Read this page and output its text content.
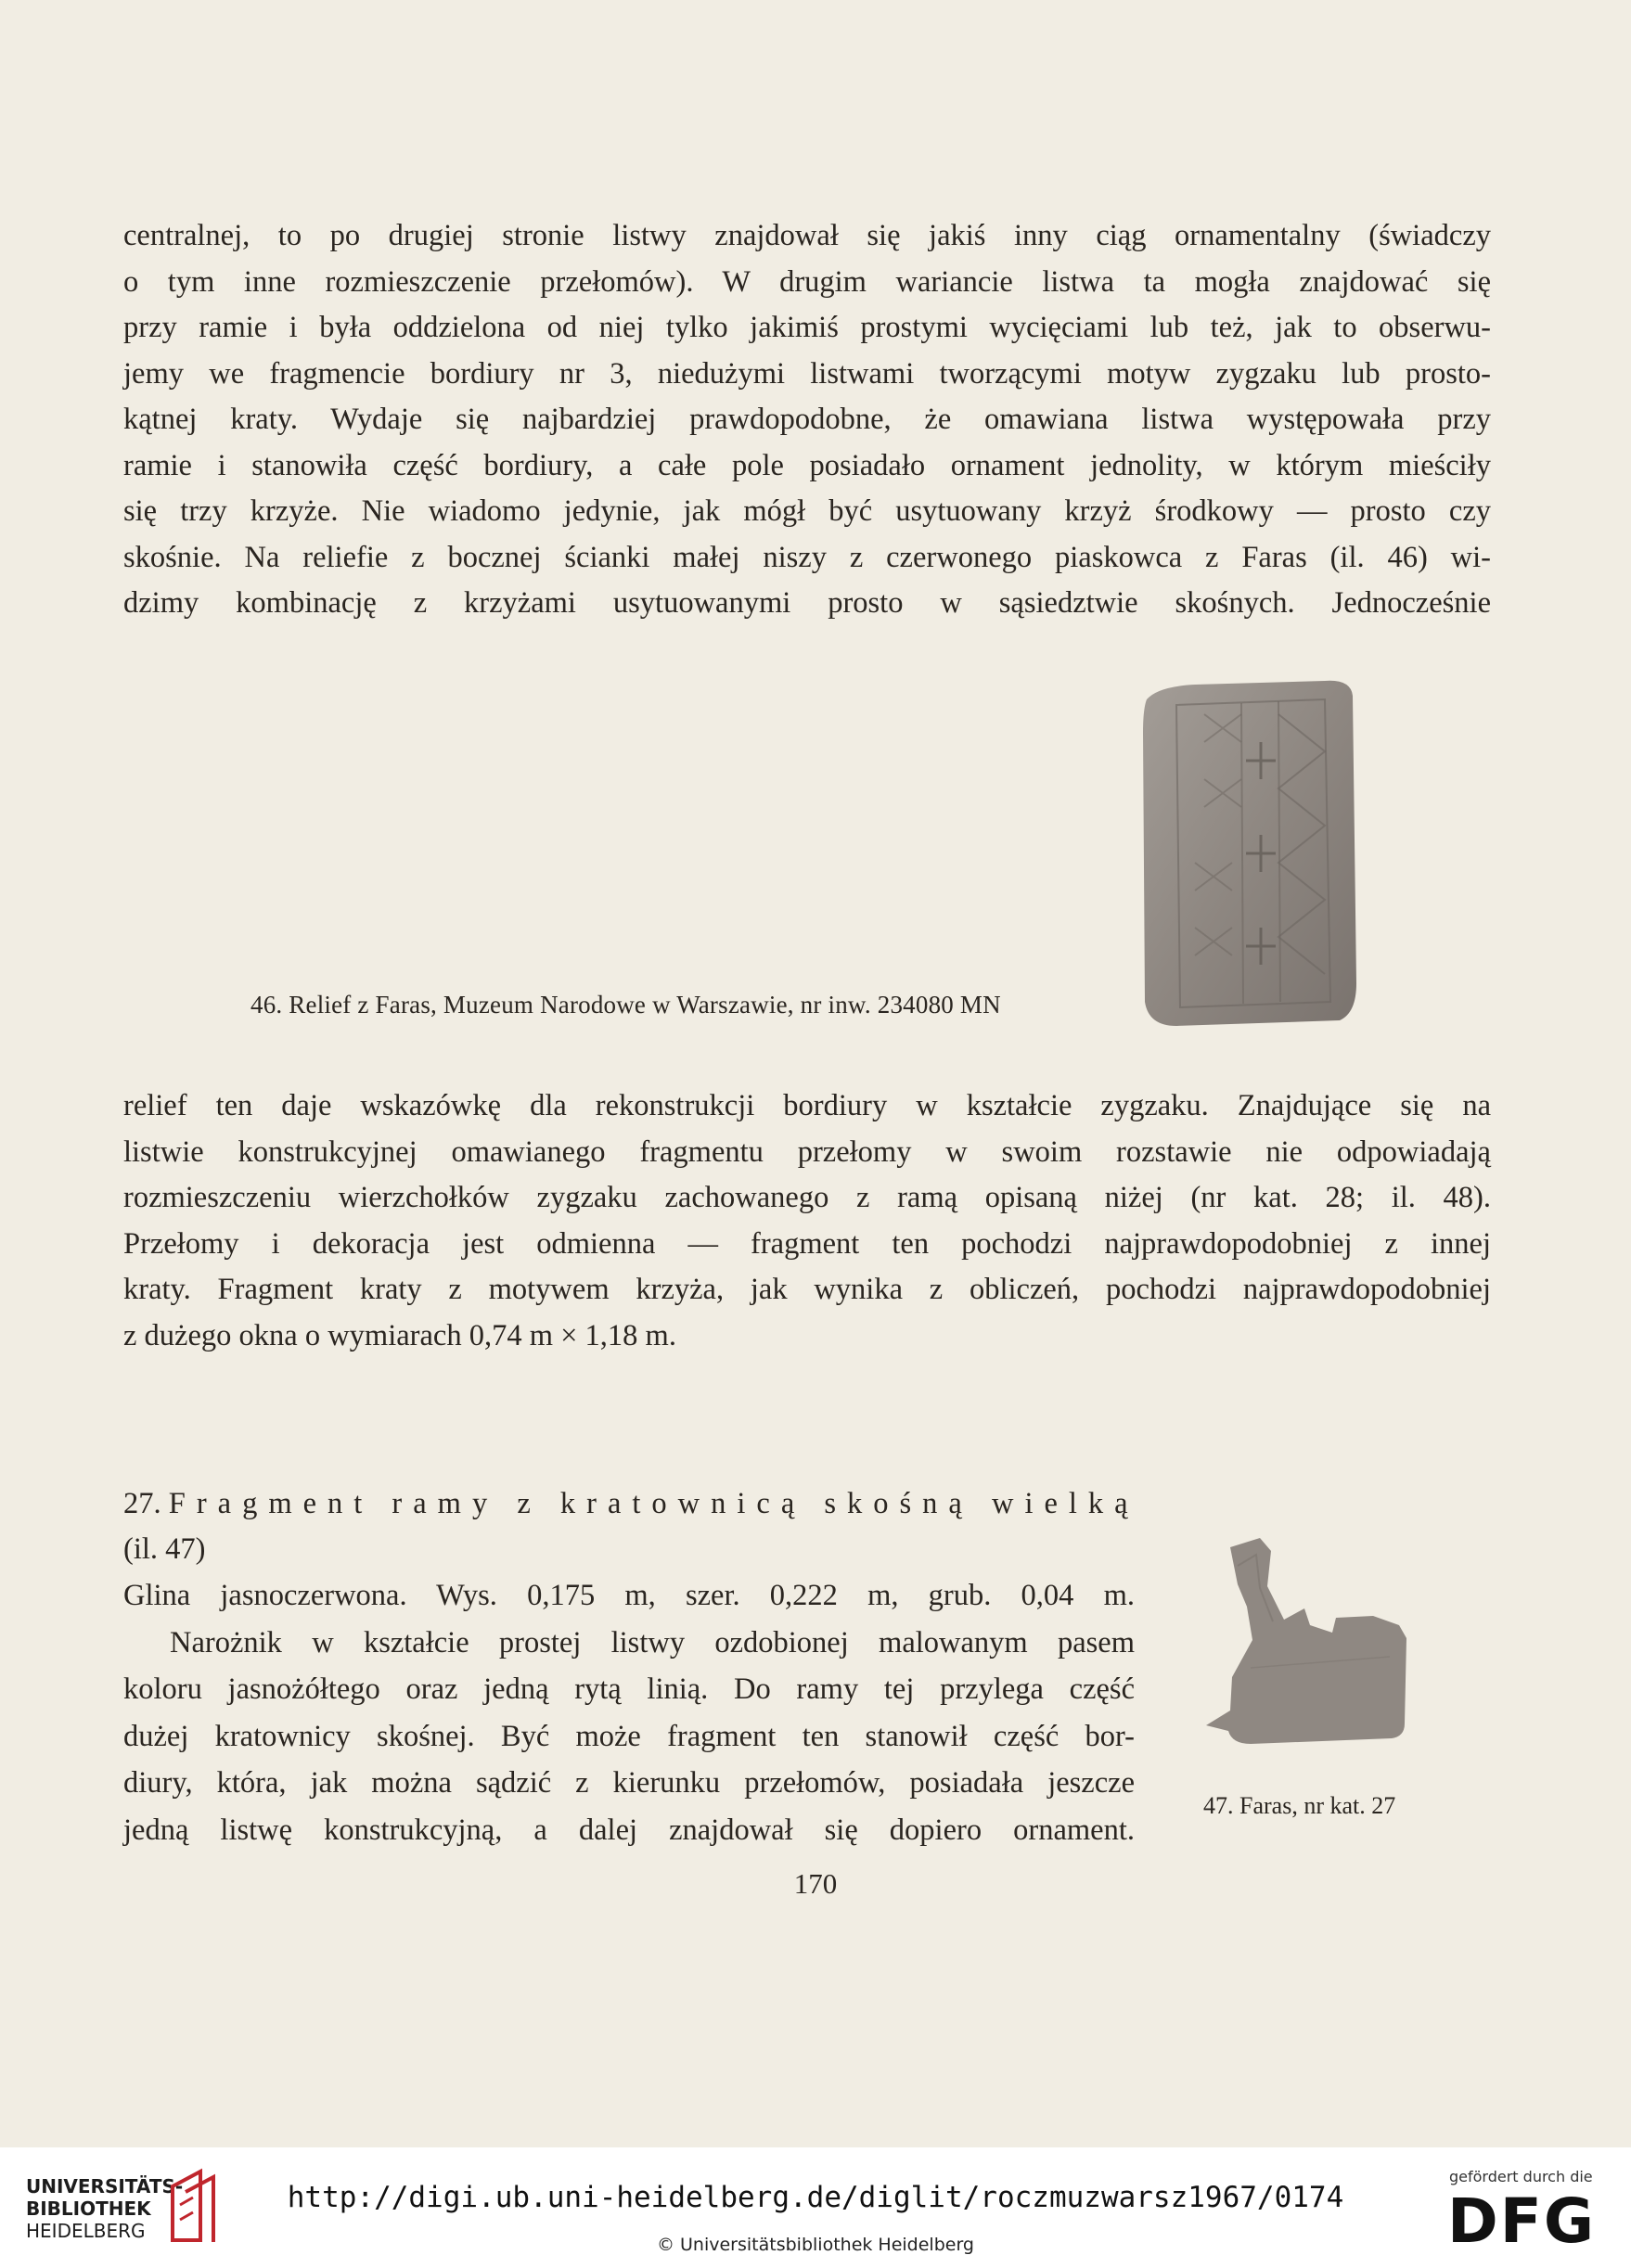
centralnej, to po drugiej stronie listwy znajdował się jakiś inny ciąg ornamentalny (świadczy
o tym inne rozmieszczenie przełomów). W drugim wariancie listwa ta mogła znajdować się
przy ramie i była oddzielona od niej tylko jakimiś prostymi wycięciami lub też, jak to obserwu-
jemy we fragmencie bordiury nr 3, niedużymi listwami tworzącymi motyw zygzaku lub prosto-
kątnej kraty. Wydaje się najbardziej prawdopodobne, że omawiana listwa występowała przy
ramie i stanowiła część bordiury, a całe pole posiadało ornament jednolity, w którym mieściły
się trzy krzyże. Nie wiadomo jedynie, jak mógł być usytuowany krzyż środkowy — prosto czy
skośnie. Na reliefie z bocznej ścianki małej niszy z czerwonego piaskowca z Faras (il. 46) wi-
dzimy kombinację z krzyżami usytuowanymi prosto w sąsiedztwie skośnych. Jednocześnie
46. Relief z Faras, Muzeum Narodowe w Warszawie, nr inw. 234080 MN
relief ten daje wskazówkę dla rekonstrukcji bordiury w kształcie zygzaku. Znajdujące się na
listwie konstrukcyjnej omawianego fragmentu przełomy w swoim rozstawie nie odpowiadają
rozmieszczeniu wierzchołków zygzaku zachowanego z ramą opisaną niżej (nr kat. 28; il. 48).
Przełomy i dekoracja jest odmienna — fragment ten pochodzi najprawdopodobniej z innej
kraty. Fragment kraty z motywem krzyża, jak wynika z obliczeń, pochodzi najprawdopodobniej
z dużego okna o wymiarach 0,74 m × 1,18 m.
27. Fragment ramy z kratownicą skośną wielką
(il. 47)
Glina jasnoczerwona. Wys. 0,175 m, szer. 0,222 m, grub. 0,04 m.
Narożnik w kształcie prostej listwy ozdobionej malowanym pasem
koloru jasnożółtego oraz jedną rytą linią. Do ramy tej przylega część
dużej kratownicy skośnej. Być może fragment ten stanowił część bor-
diury, która, jak można sądzić z kierunku przełomów, posiadała jeszcze
jedną listwę konstrukcyjną, a dalej znajdował się dopiero ornament.
47. Faras, nr kat. 27
170
UNIVERSITÄTS-
BIBLIOTHEK
HEIDELBERG
http://digi.ub.uni-heidelberg.de/diglit/roczmuzwarsz1967/0174
© Universitätsbibliothek Heidelberg
gefördert durch die
DFG
